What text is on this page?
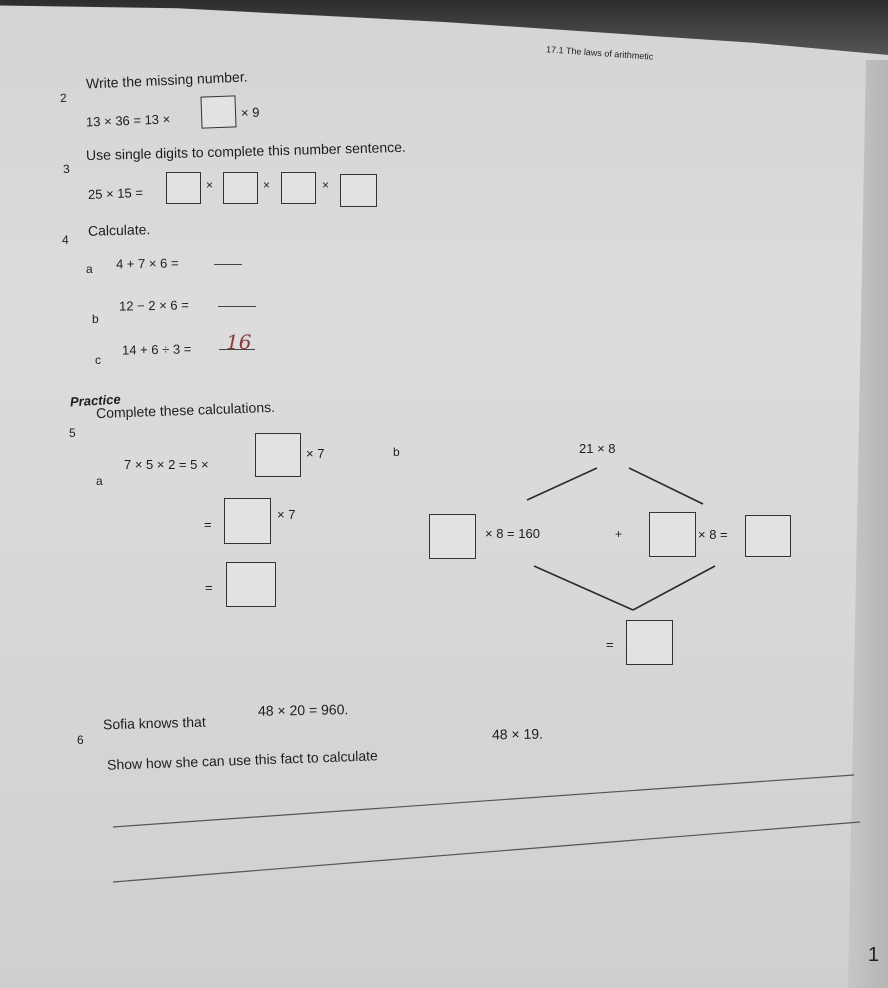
17.1 The laws of arithmetic
2
Write the missing number.
13 × 36 = 13 ×	× 9
3
Use single digits to complete this number sentence.
25 × 15 =
×	×	×
4
Calculate.
a 4 + 7 × 6 =
b
12 − 2 × 6 =
c
14 + 6 ÷ 3 = 16
Practice
5
Complete these calculations.
a
7 × 5 × 2 = 5 ×
× 7
=
× 7
=
b	21 × 8
× 8 = 160	+	× 8 =
=
6
Sofia knows that
48 × 20 = 960.
Show how she can use this fact to calculate
48 × 19.
1
